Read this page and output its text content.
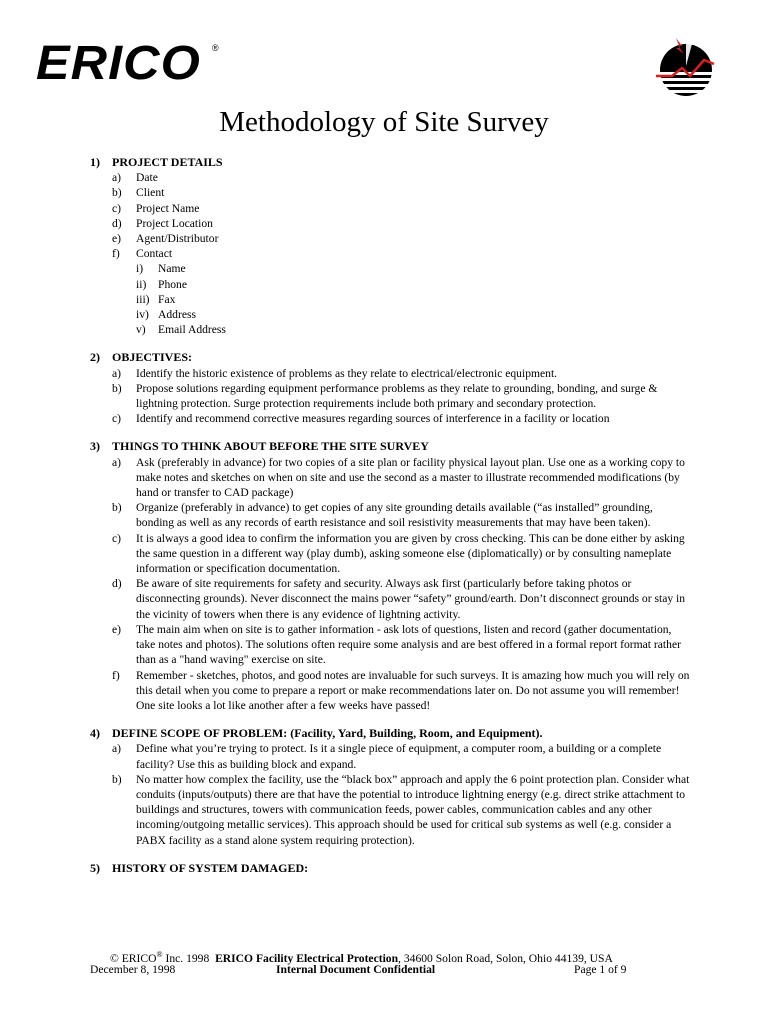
ERICO ®
Methodology of Site Survey
1) PROJECT DETAILS
a) Date
b) Client
c) Project Name
d) Project Location
e) Agent/Distributor
f) Contact
i) Name
ii) Phone
iii) Fax
iv) Address
v) Email Address
2) OBJECTIVES:
a) Identify the historic existence of problems as they relate to electrical/electronic equipment.
b) Propose solutions regarding equipment performance problems as they relate to grounding, bonding, and surge & lightning protection. Surge protection requirements include both primary and secondary protection.
c) Identify and recommend corrective measures regarding sources of interference in a facility or location
3) THINGS TO THINK ABOUT BEFORE THE SITE SURVEY
a) Ask (preferably in advance) for two copies of a site plan or facility physical layout plan. Use one as a working copy to make notes and sketches on when on site and use the second as a master to illustrate recommended modifications (by hand or transfer to CAD package)
b) Organize (preferably in advance) to get copies of any site grounding details available (“as installed” grounding, bonding as well as any records of earth resistance and soil resistivity measurements that may have been taken).
c) It is always a good idea to confirm the information you are given by cross checking. This can be done either by asking the same question in a different way (play dumb), asking someone else (diplomatically) or by consulting nameplate information or specification documentation.
d) Be aware of site requirements for safety and security. Always ask first (particularly before taking photos or disconnecting grounds). Never disconnect the mains power “safety” ground/earth. Don’t disconnect grounds or stay in the vicinity of towers when there is any evidence of lightning activity.
e) The main aim when on site is to gather information - ask lots of questions, listen and record (gather documentation, take notes and photos). The solutions often require some analysis and are best offered in a formal report format rather than as a "hand waving" exercise on site.
f) Remember - sketches, photos, and good notes are invaluable for such surveys. It is amazing how much you will rely on this detail when you come to prepare a report or make recommendations later on. Do not assume you will remember! One site looks a lot like another after a few weeks have passed!
4) DEFINE SCOPE OF PROBLEM: (Facility, Yard, Building, Room, and Equipment).
a) Define what you’re trying to protect. Is it a single piece of equipment, a computer room, a building or a complete facility? Use this as building block and expand.
b) No matter how complex the facility, use the “black box” approach and apply the 6 point protection plan. Consider what conduits (inputs/outputs) there are that have the potential to introduce lightning energy (e.g. direct strike attachment to buildings and structures, towers with communication feeds, power cables, communication cables and any other incoming/outgoing metallic services). This approach should be used for critical sub systems as well (e.g. consider a PABX facility as a stand alone system requiring protection).
5) HISTORY OF SYSTEM DAMAGED:
© ERICO® Inc. 1998  ERICO Facility Electrical Protection, 34600 Solon Road, Solon, Ohio 44139, USA
December 8, 1998	Internal Document Confidential	Page 1 of 9
